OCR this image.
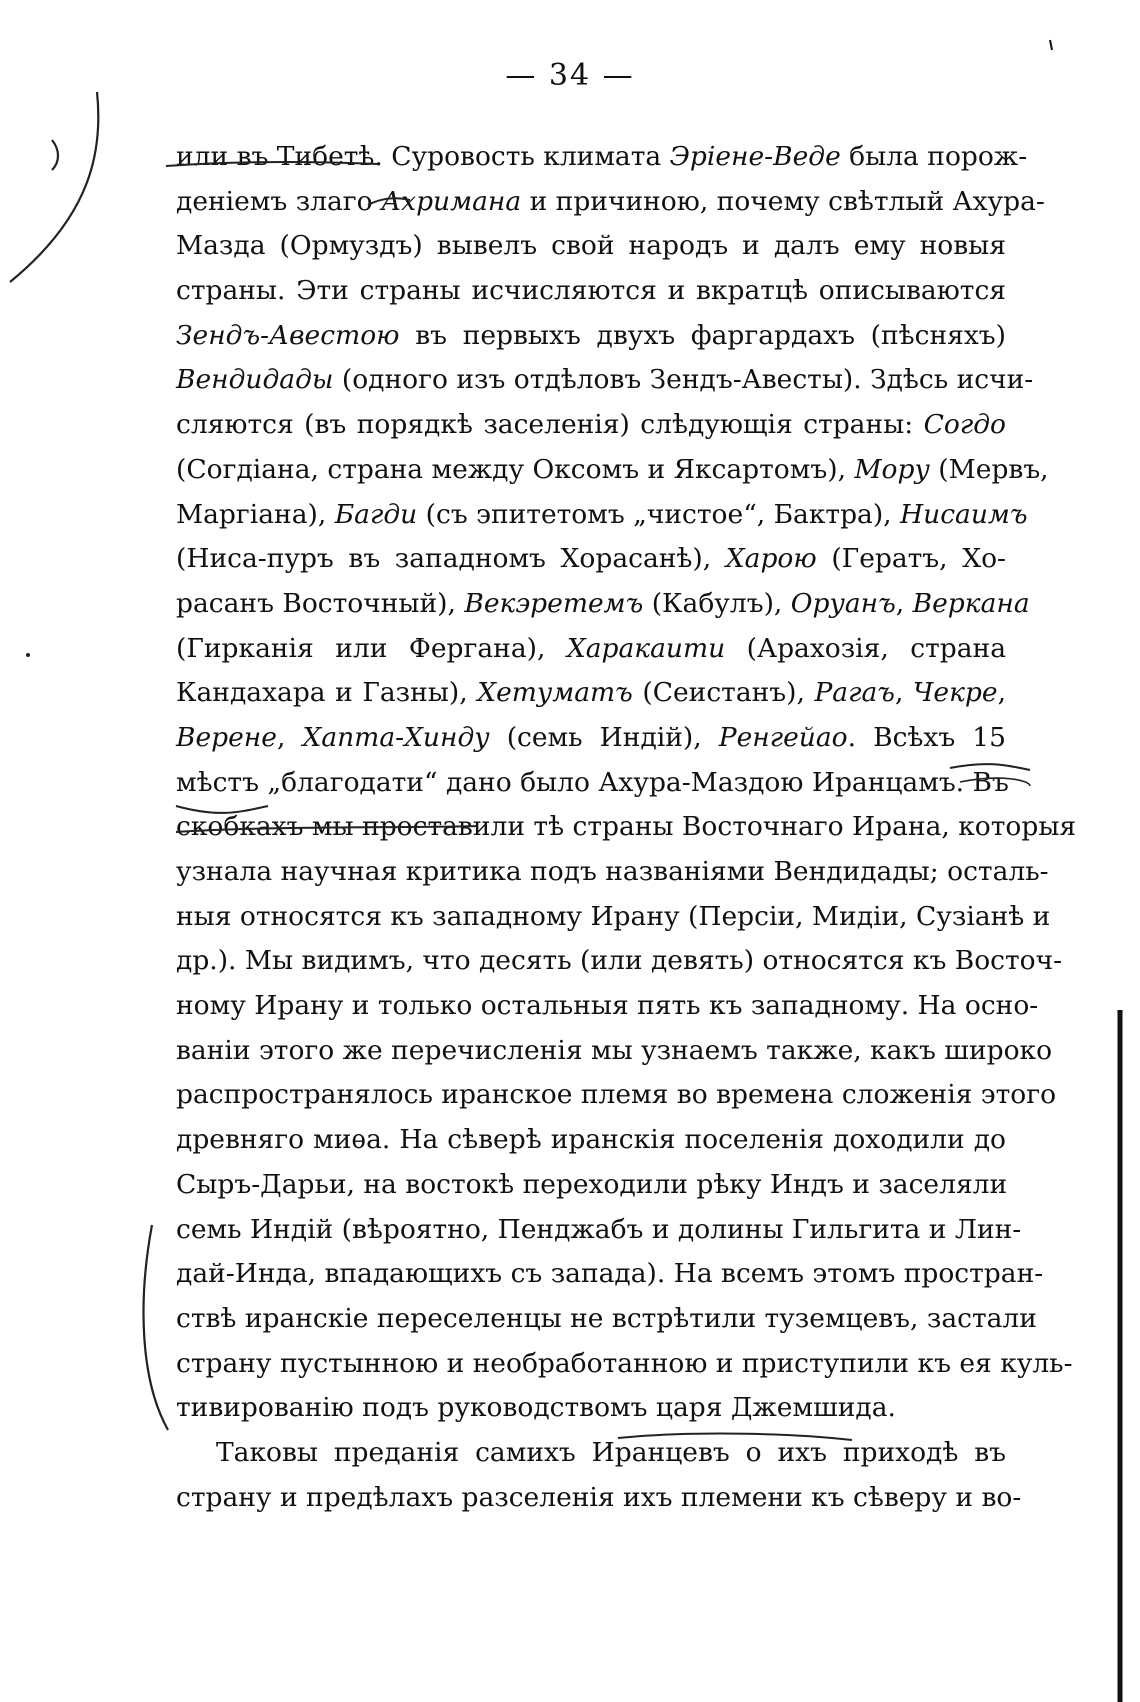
— 34 —
или въ Тибетѣ. Суровость климата Эріене-Веде была порож-
деніемъ злаго Ахримана и причиною, почему свѣтлый Ахура-
Мазда (Ормуздъ) вывелъ свой народъ и далъ ему новыя
страны. Эти страны исчисляются и вкратцѣ описываются
Зендъ-Авестою въ первыхъ двухъ фаргардахъ (пѣсняхъ)
Вендидады (одного изъ отдѣловъ Зендъ-Авесты). Здѣсь исчи-
сляются (въ порядкѣ заселенія) слѣдующія страны: Согдо
(Согдіана, страна между Оксомъ и Яксартомъ), Мору (Мервъ,
Маргіана), Багди (съ эпитетомъ „чистое“, Бактра), Нисаимъ
(Ниса-пуръ въ западномъ Хорасанѣ), Харою (Гератъ, Хо-
расанъ Восточный), Векэретемъ (Кабулъ), Оруанъ, Веркана
(Гирканія или Фергана), Харакаити (Арахозія, страна
Кандахара и Газны), Хетуматъ (Сеистанъ), Рагаъ, Чекре,
Верене, Хапта-Хинду (семь Индій), Ренгейао. Всѣхъ 15
мѣстъ „благодати“ дано было Ахура-Маздою Иранцамъ. Въ
скобкахъ мы проставили тѣ страны Восточнаго Ирана, которыя
узнала научная критика подъ названіями Вендидады; осталь-
ныя относятся къ западному Ирану (Персіи, Мидіи, Сузіанѣ и
др.). Мы видимъ, что десять (или девять) относятся къ Восточ-
ному Ирану и только остальныя пять къ западному. На осно-
ваніи этого же перечисленія мы узнаемъ также, какъ широко
распространялось иранское племя во времена сложенія этого
древняго миѳа. На сѣверѣ иранскія поселенія доходили до
Сыръ-Дарьи, на востокѣ переходили рѣку Индъ и заселяли
семь Индій (вѣроятно, Пенджабъ и долины Гильгита и Лин-
дай-Инда, впадающихъ съ запада). На всемъ этомъ простран-
ствѣ иранскіе переселенцы не встрѣтили туземцевъ, застали
страну пустынною и необработанною и приступили къ ея куль-
тивированію подъ руководствомъ царя Джемшида.
Таковы преданія самихъ Иранцевъ о ихъ приходѣ въ
страну и предѣлахъ разселенія ихъ племени къ сѣверу и во-
